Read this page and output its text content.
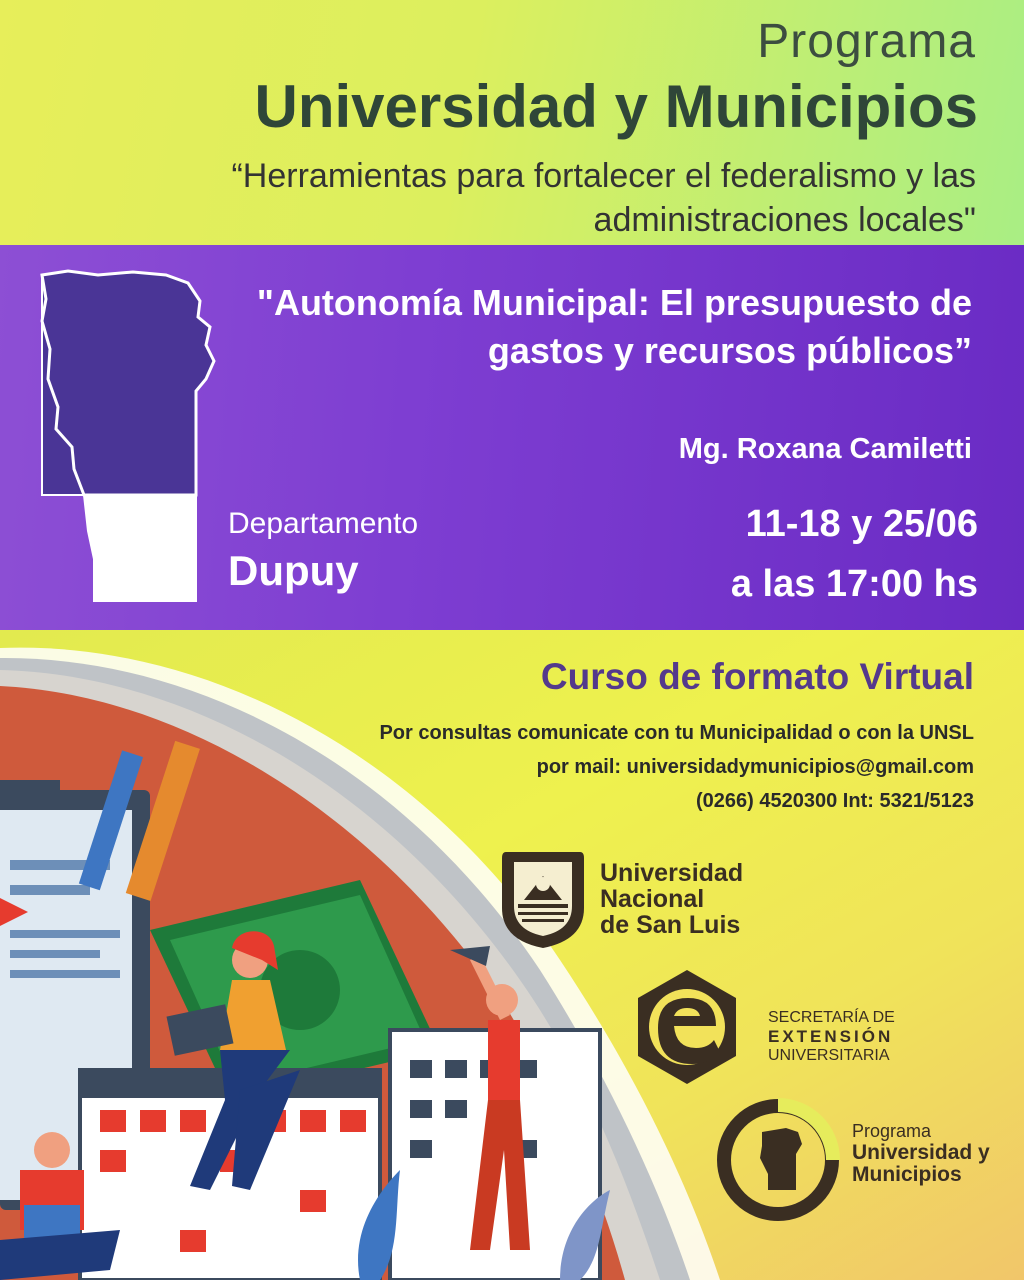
Programa
Universidad y Municipios
“Herramientas para fortalecer el federalismo y las administraciones locales"
"Autonomía Municipal: El presupuesto de gastos y recursos públicos”
Mg. Roxana Camiletti
11-18 y 25/06
a las 17:00 hs
Departamento
Dupuy
Curso de formato Virtual
Por consultas comunicate con tu Municipalidad o con la UNSL
por mail: universidadymunicipios@gmail.com
(0266) 4520300 Int: 5321/5123
Universidad
Nacional
de San Luis
SECRETARÍA DE
EXTENSIÓN
UNIVERSITARIA
Programa
Universidad y
Municipios
